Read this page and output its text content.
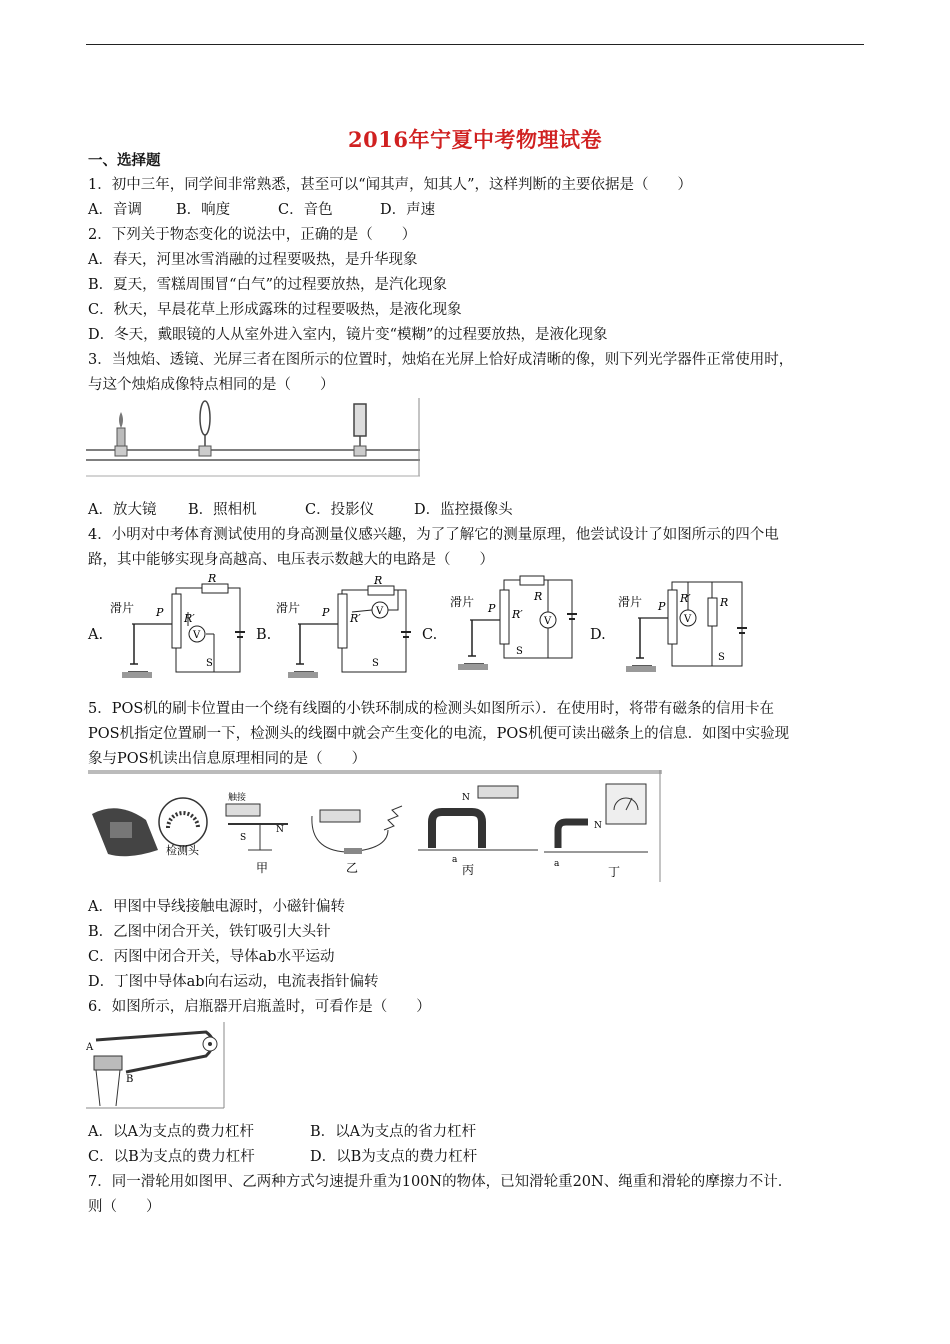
2016年宁夏中考物理试卷
一、选择题
1．初中三年，同学间非常熟悉，甚至可以“闻其声，知其人”，这样判断的主要依据是（　　）
A．音调 B．响度	C．音色	D．声速
2．下列关于物态变化的说法中，正确的是（　　）
A．春天，河里冰雪消融的过程要吸热，是升华现象
B．夏天，雪糕周围冒“白气”的过程要放热，是汽化现象
C．秋天，早晨花草上形成露珠的过程要吸热，是液化现象
D．冬天，戴眼镜的人从室外进入室内，镜片变“模糊”的过程要放热，是液化现象
3．当烛焰、透镜、光屏三者在图所示的位置时，烛焰在光屏上恰好成清晰的像，则下列光学器件正常使用时，
与这个烛焰成像特点相同的是（　　）
A．放大镜 B．照相机	C．投影仪	D．监控摄像头
4．小明对中考体育测试使用的身高测量仪感兴趣，为了了解它的测量原理，他尝试设计了如图所示的四个电
路，其中能够实现身高越高、电压表示数越大的电路是（　　）
A.	B.	C.	D.
滑片 P R′
R
V
S
滑片 P R′
R
V
S
滑片 P R′
R
V
S
滑片 P
R′	R
V
S
5．POS机的刷卡位置由一个绕有线圈的小铁环制成的检测头如图所示）．在使用时，将带有磁条的信用卡在
POS机指定位置刷一下，检测头的线圈中就会产生变化的电流，POS机便可读出磁条上的信息．如图中实验现
象与POS机读出信息原理相同的是（　　）
检测头
触接
S
N
甲	乙
N
a
丙
N
a
丁
A．甲图中导线接触电源时，小磁针偏转
B．乙图中闭合开关，铁钉吸引大头针
C．丙图中闭合开关，导体ab水平运动
D．丁图中导体ab向右运动，电流表指针偏转
6．如图所示，启瓶器开启瓶盖时，可看作是（　　）
A
B
A．以A为支点的费力杠杆	B．以A为支点的省力杠杆
C．以B为支点的费力杠杆	D．以B为支点的费力杠杆
7．同一滑轮用如图甲、乙两种方式匀速提升重为100N的物体，已知滑轮重20N、绳重和滑轮的摩擦力不计．
则（　　）
